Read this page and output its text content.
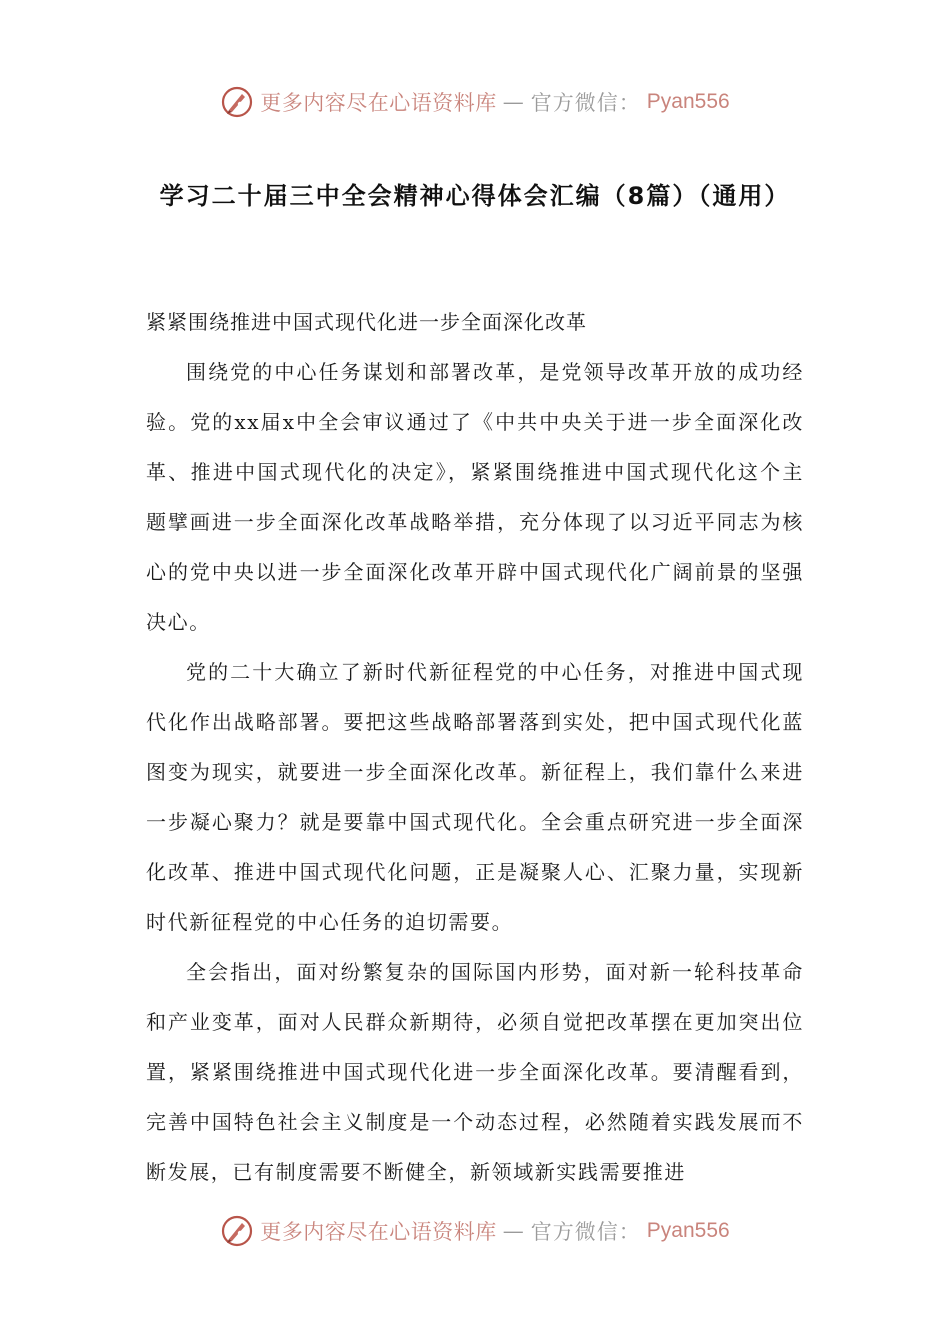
更多内容尽在心语资料库 — 官方微信： Pyan556
学习二十届三中全会精神心得体会汇编（8篇）（通用）

紧紧围绕推进中国式现代化进一步全面深化改革

围绕党的中心任务谋划和部署改革，是党领导改革开放的成功经验。党的xx届x中全会审议通过了《中共中央关于进一步全面深化改革、推进中国式现代化的决定》，紧紧围绕推进中国式现代化这个主题擘画进一步全面深化改革战略举措，充分体现了以习近平同志为核心的党中央以进一步全面深化改革开辟中国式现代化广阔前景的坚强决心。

党的二十大确立了新时代新征程党的中心任务，对推进中国式现代化作出战略部署。要把这些战略部署落到实处，把中国式现代化蓝图变为现实，就要进一步全面深化改革。新征程上，我们靠什么来进一步凝心聚力？就是要靠中国式现代化。全会重点研究进一步全面深化改革、推进中国式现代化问题，正是凝聚人心、汇聚力量，实现新时代新征程党的中心任务的迫切需要。

全会指出，面对纷繁复杂的国际国内形势，面对新一轮科技革命和产业变革，面对人民群众新期待，必须自觉把改革摆在更加突出位置，紧紧围绕推进中国式现代化进一步全面深化改革。要清醒看到，完善中国特色社会主义制度是一个动态过程，必然随着实践发展而不断发展，已有制度需要不断健全，新领域新实践需要推进

更多内容尽在心语资料库 — 官方微信： Pyan556
